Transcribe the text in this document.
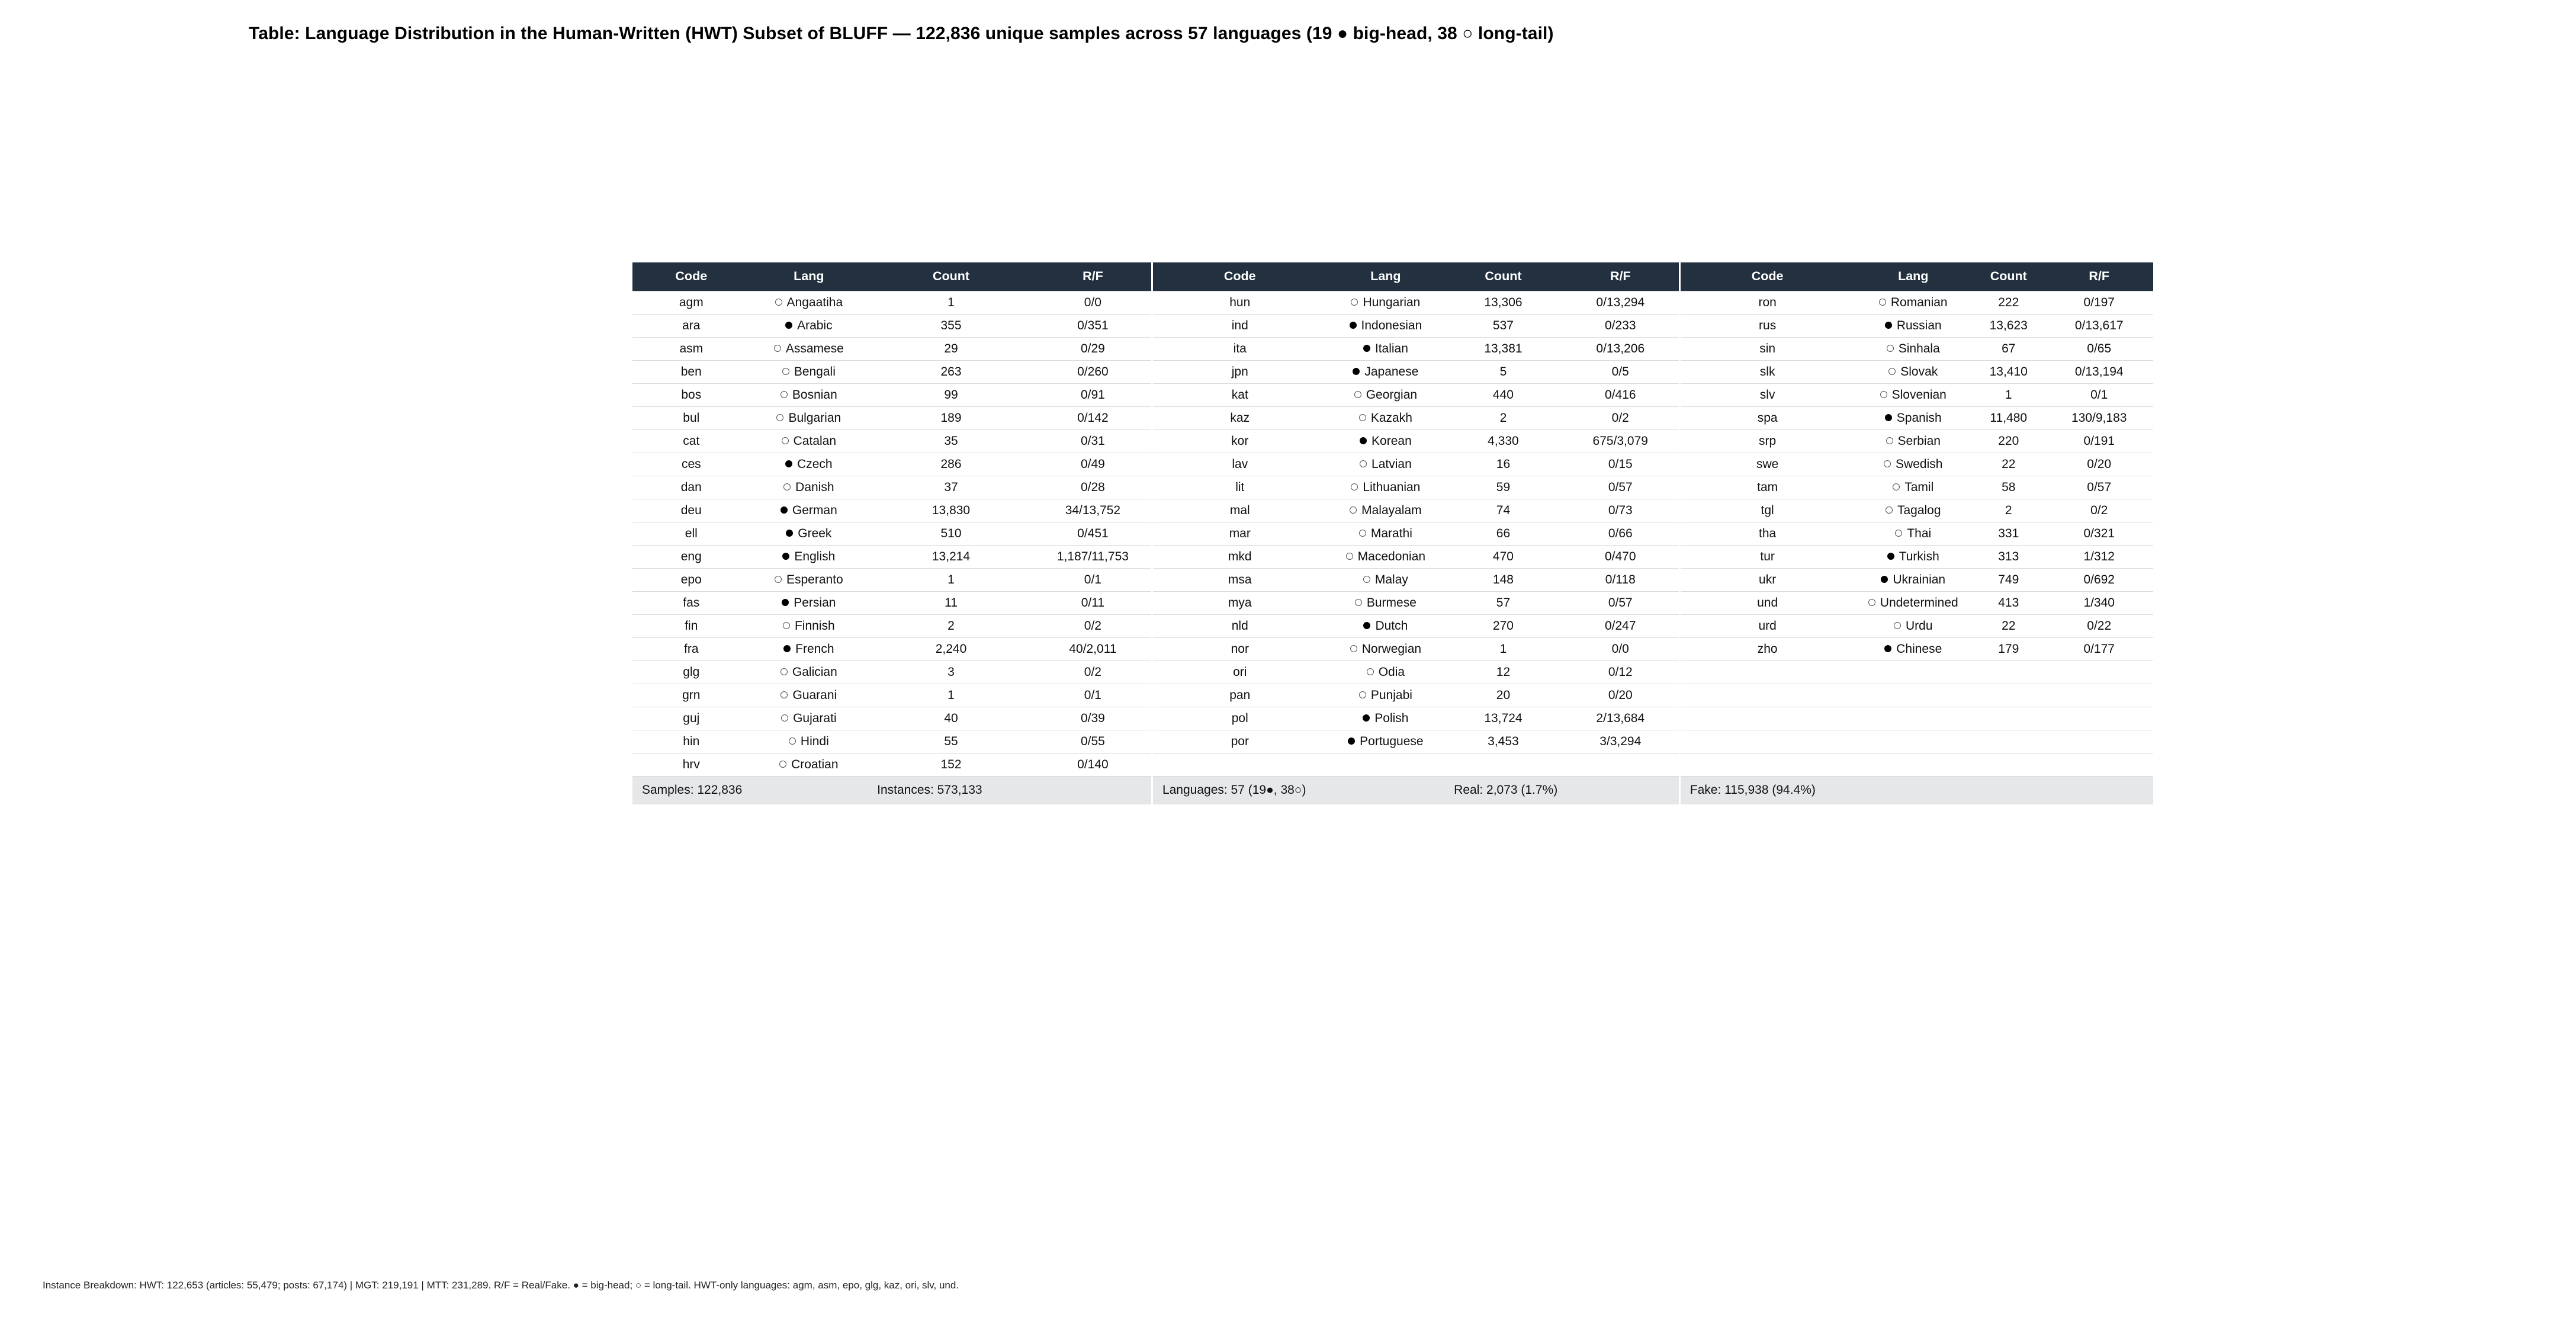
Table: Language Distribution in the Human-Written (HWT) Subset of BLUFF — 122,836 unique samples across 57 languages (19 ● big-head, 38 ○ long-tail)
Code	Lang	Count	R/F	Code	Lang	Count	R/F	Code	Lang	Count	R/F
agm	Angaatiha	1	0/0	hun	Hungarian	13,306	0/13,294	ron	Romanian	222	0/197
ara	Arabic	355	0/351	ind	Indonesian	537	0/233	rus	Russian	13,623	0/13,617
asm	Assamese	29	0/29	ita	Italian	13,381	0/13,206	sin	Sinhala	67	0/65
ben	Bengali	263	0/260	jpn	Japanese	5	0/5	slk	Slovak	13,410	0/13,194
bos	Bosnian	99	0/91	kat	Georgian	440	0/416	slv	Slovenian	1	0/1
bul	Bulgarian	189	0/142	kaz	Kazakh	2	0/2	spa	Spanish	11,480	130/9,183
cat	Catalan	35	0/31	kor	Korean	4,330	675/3,079	srp	Serbian	220	0/191
ces	Czech	286	0/49	lav	Latvian	16	0/15	swe	Swedish	22	0/20
dan	Danish	37	0/28	lit	Lithuanian	59	0/57	tam	Tamil	58	0/57
deu	German	13,830	34/13,752	mal	Malayalam	74	0/73	tgl	Tagalog	2	0/2
ell	Greek	510	0/451	mar	Marathi	66	0/66	tha	Thai	331	0/321
eng	English	13,214	1,187/11,753	mkd	Macedonian	470	0/470	tur	Turkish	313	1/312
epo	Esperanto	1	0/1	msa	Malay	148	0/118	ukr	Ukrainian	749	0/692
fas	Persian	11	0/11	mya	Burmese	57	0/57	und	Undetermined	413	1/340
fin	Finnish	2	0/2	nld	Dutch	270	0/247	urd	Urdu	22	0/22
fra	French	2,240	40/2,011	nor	Norwegian	1	0/0	zho	Chinese	179	0/177
glg	Galician	3	0/2	ori	Odia	12	0/12				
grn	Guarani	1	0/1	pan	Punjabi	20	0/20				
guj	Gujarati	40	0/39	pol	Polish	13,724	2/13,684				
hin	Hindi	55	0/55	por	Portuguese	3,453	3/3,294				
hrv	Croatian	152	0/140								
Samples: 122,836		Instances: 573,133		Languages: 57 (19●, 38○)		Real: 2,073 (1.7%)		Fake: 115,938 (94.4%)			
Instance Breakdown: HWT: 122,653 (articles: 55,479; posts: 67,174) | MGT: 219,191 | MTT: 231,289. R/F = Real/Fake. ● = big-head; ○ = long-tail. HWT-only languages: agm, asm, epo, glg, kaz, ori, slv, und.
